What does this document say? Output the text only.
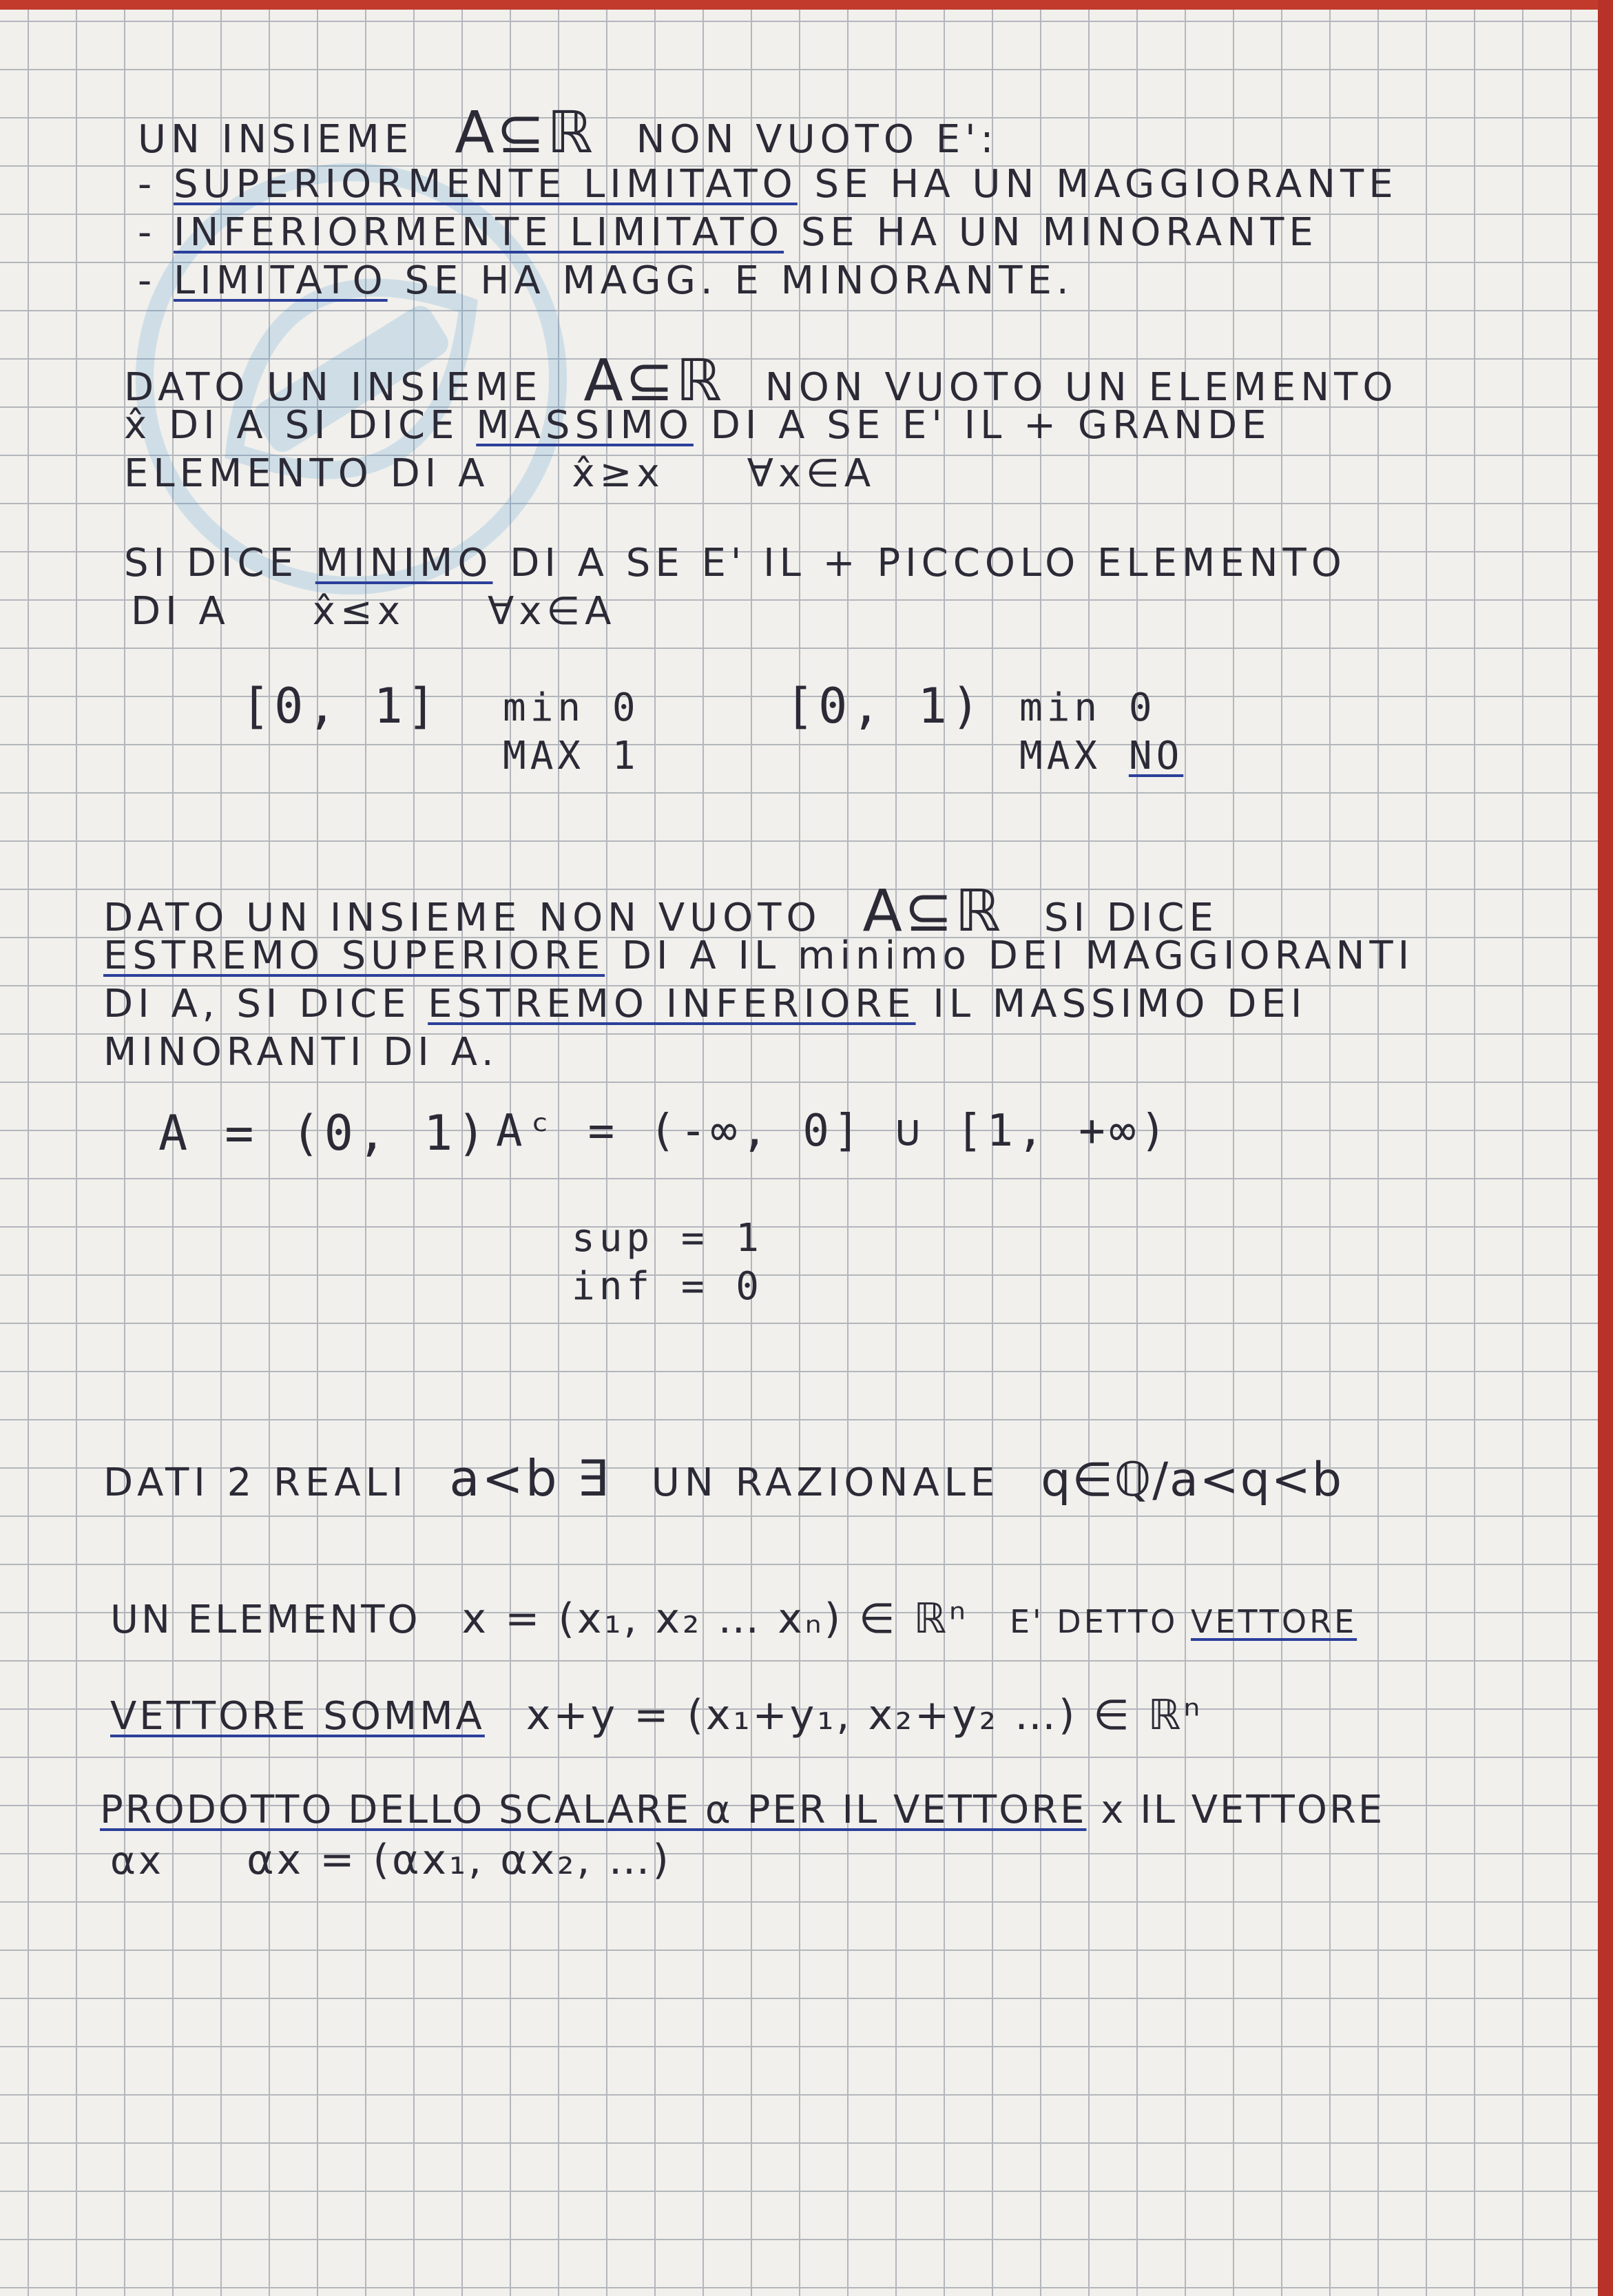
UN INSIEME A⊆ℝ NON VUOTO E':
- SUPERIORMENTE LIMITATO SE HA UN MAGGIORANTE
- INFERIORMENTE LIMITATO SE HA UN MINORANTE
- LIMITATO SE HA MAGG. E MINORANTE.
DATO UN INSIEME A⊆ℝ NON VUOTO UN ELEMENTO
x̂ DI A SI DICE MASSIMO DI A SE E' IL + GRANDE
ELEMENTO DI A x̂≥x ∀x∈A
SI DICE MINIMO DI A SE E' IL + PICCOLO ELEMENTO
DI A x̂≤x ∀x∈A
[0, 1] min 0	[0, 1) min 0
MAX 1	MAX NO
DATO UN INSIEME NON VUOTO A⊆ℝ SI DICE
ESTREMO SUPERIORE DI A IL minimo DEI MAGGIORANTI
DI A, SI DICE ESTREMO INFERIORE IL MASSIMO DEI
MINORANTI DI A.
A = (0, 1) Aᶜ = (-∞, 0] ∪ [1, +∞)
sup = 1
inf = 0
DATI 2 REALI a<b ∃ UN RAZIONALE q∈ℚ/a<q<b
UN ELEMENTO x = (x₁, x₂ … xₙ) ∈ ℝⁿ E' DETTO VETTORE
VETTORE SOMMA x+y = (x₁+y₁, x₂+y₂ …) ∈ ℝⁿ
PRODOTTO DELLO SCALARE α PER IL VETTORE x IL VETTORE
αx αx = (αx₁, αx₂, …)
